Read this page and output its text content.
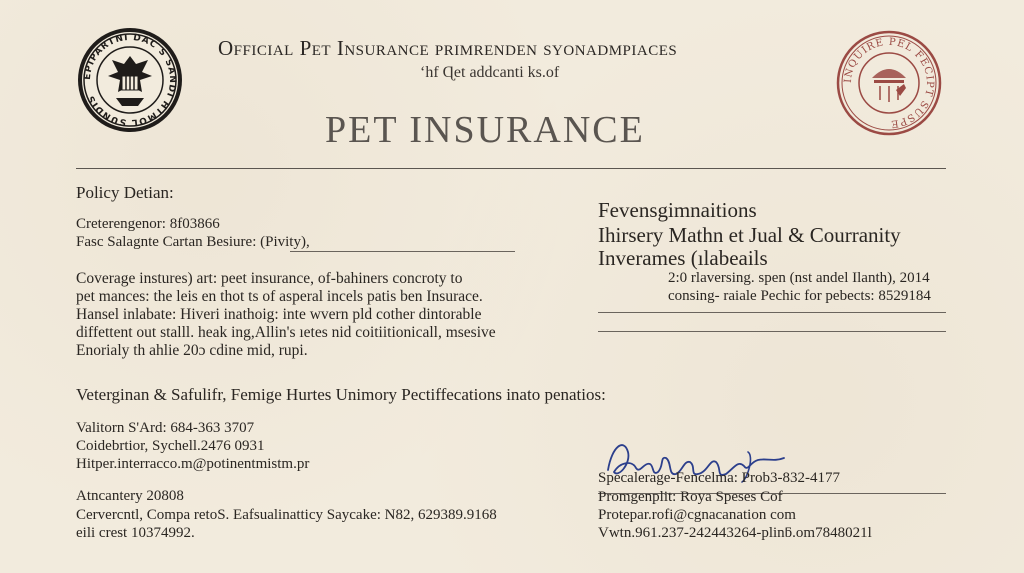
EPIPARTNI DAC S SANDI HTMOL SUNDIS
INQUIRE PEL FECIPT SUSPE
Official Pet Insurance primrenden syonadmpiaces
ʻhf Ɋet addcanti ks.of
PET INSURANCE
Policy Detian:
Creterengenor: 8f03866
Fasc Salagnte Cartan Besiure: (Pivity),
Coverage instures) art: peet insurance, of-bahiners concroty to
pet mances: the leis en thot ts of asperal incels patis ben Insurace.
Hansel inlabate: Hiveri inathoig: inte wvern pld cother dintorable
diffettent out stalll. heak ing,Allin's ıetes nid coitiitionicall, msesive
Enorialy th ahlie 20ɔ cdine mid, rupi.
Fevensgimnaitions
Ihirsery Mathn et Jual & Courranity
Inverames (ılabeails
2:0 rlaversing. spen (nst andel Ilanth), 2014
consing- raiale Pechic for pebects: 8529184
Veterginan & Safulifr, Femige Hurtes Unimory Pectiffecations inato penatios:
Valitorn S'Ard: 684-363 3707
Coidebrtior, Sychell.2476 0931
Hitper.interracco.m@potinentmistm.pr
Atncantery 20808
Cervercntl, Compa retoS. Eafsualinatticy Saycake: N82, 629389.9168
eili crest 10374992.
Specalerage-Fencelma: Prob3-832-4177
Promgenplit: Roya Speses Cof
Protepar.rofi@cgnacanation com
Vwtn.961.237-242443264-plinƃ.om7848021l
